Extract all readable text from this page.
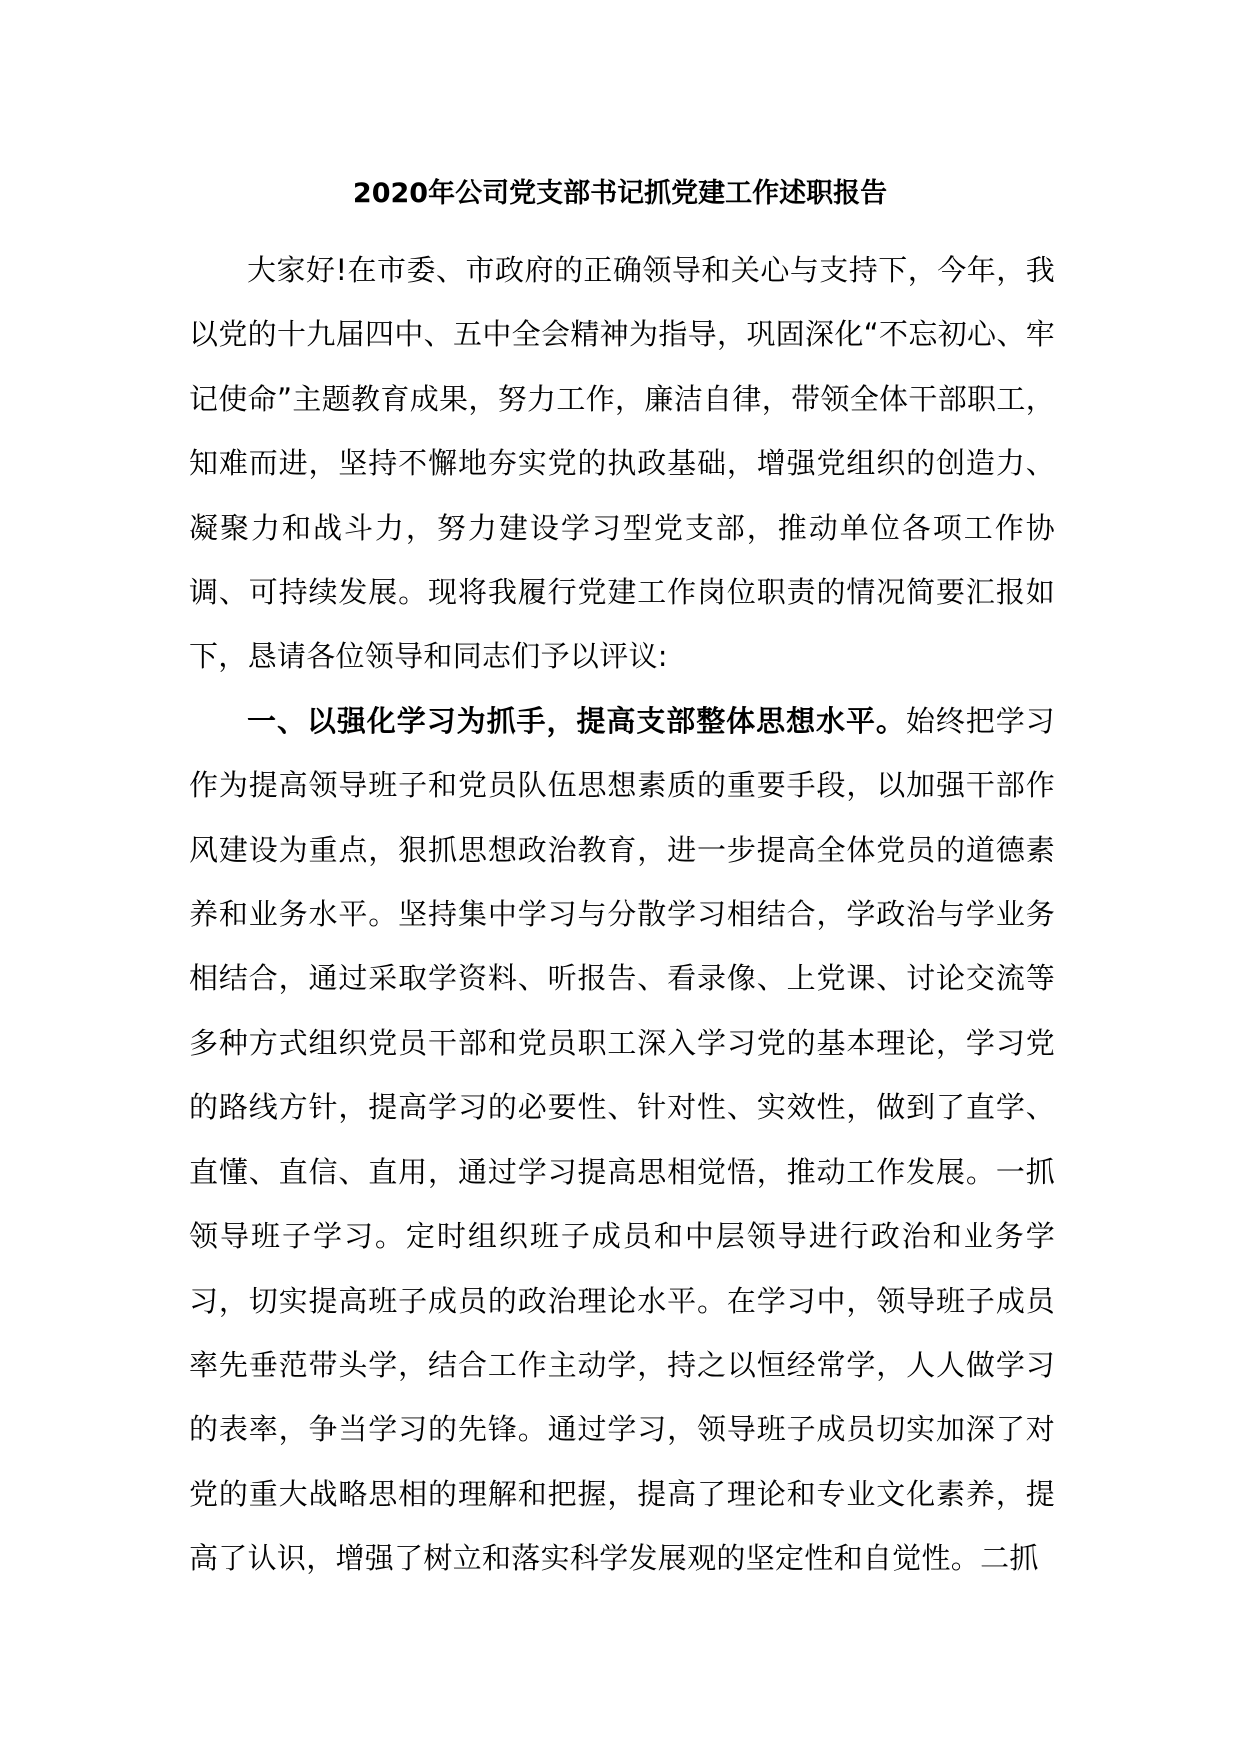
2020年公司党支部书记抓党建工作述职报告

大家好!在市委、市政府的正确领导和关心与支持下，今年，我以党的十九届四中、五中全会精神为指导，巩固深化“不忘初心、牢记使命”主题教育成果，努力工作，廉洁自律，带领全体干部职工，知难而进，坚持不懈地夯实党的执政基础，增强党组织的创造力、凝聚力和战斗力，努力建设学习型党支部，推动单位各项工作协调、可持续发展。现将我履行党建工作岗位职责的情况简要汇报如下，恳请各位领导和同志们予以评议:

一、以强化学习为抓手，提高支部整体思想水平。始终把学习作为提高领导班子和党员队伍思想素质的重要手段，以加强干部作风建设为重点，狠抓思想政治教育，进一步提高全体党员的道德素养和业务水平。坚持集中学习与分散学习相结合，学政治与学业务相结合，通过采取学资料、听报告、看录像、上党课、讨论交流等多种方式组织党员干部和党员职工深入学习党的基本理论，学习党的路线方针，提高学习的必要性、针对性、实效性，做到了直学、直懂、直信、直用，通过学习提高思相觉悟，推动工作发展。一抓领导班子学习。定时组织班子成员和中层领导进行政治和业务学习，切实提高班子成员的政治理论水平。在学习中，领导班子成员率先垂范带头学，结合工作主动学，持之以恒经常学，人人做学习的表率，争当学习的先锋。通过学习，领导班子成员切实加深了对党的重大战略思相的理解和把握，提高了理论和专业文化素养，提高了认识，增强了树立和落实科学发展观的坚定性和自觉性。二抓
